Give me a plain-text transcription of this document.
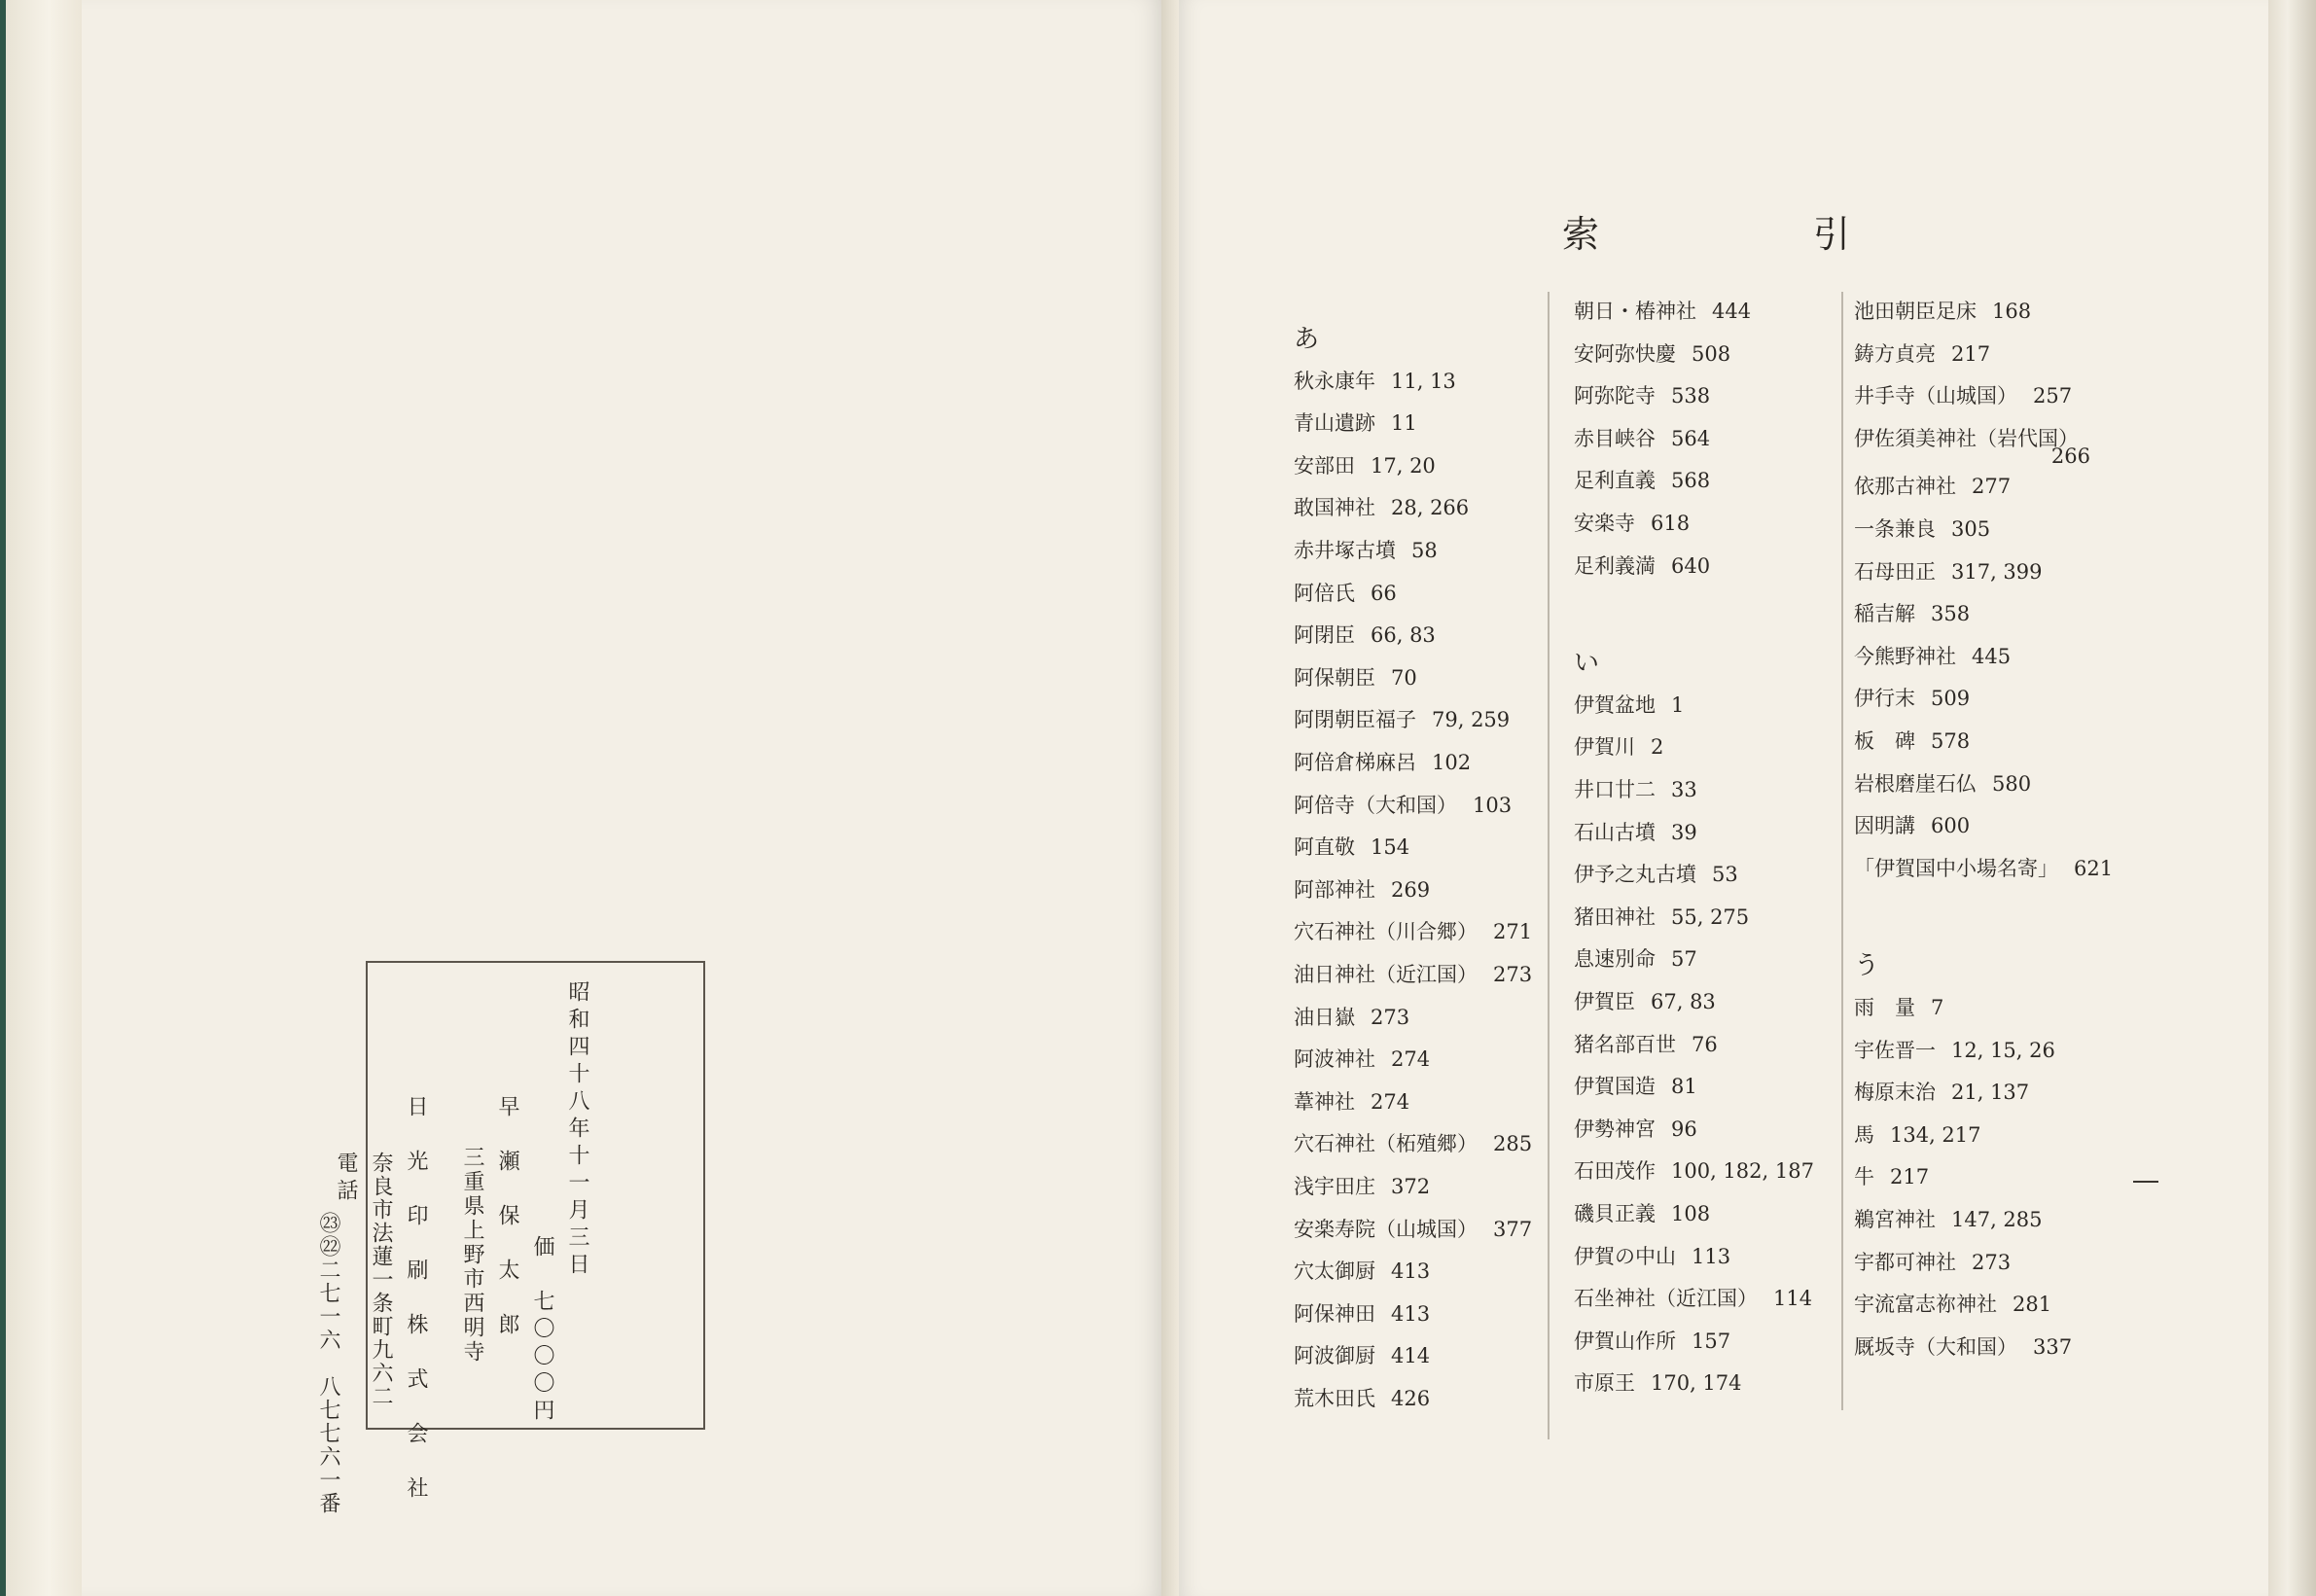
昭和四十八年十一月三日
価　七〇〇〇円
早　瀬　保　太　郎
三重県上野市西明寺
日　光　印　刷　株　式　会　社
奈良市法蓮一条町九六二
電話
㉓㉒二七一六　八七七六一番
索	引
あ
秋永康年 11, 13
青山遺跡 11
安部田 17, 20
敢国神社 28, 266
赤井塚古墳 58
阿倍氏 66
阿閉臣 66, 83
阿保朝臣 70
阿閉朝臣福子 79, 259
阿倍倉梯麻呂 102
阿倍寺（大和国） 103
阿直敬 154
阿部神社 269
穴石神社（川合郷） 271
油日神社（近江国） 273
油日嶽 273
阿波神社 274
葦神社 274
穴石神社（柘殖郷） 285
浅宇田庄 372
安楽寿院（山城国） 377
穴太御厨 413
阿保神田 413
阿波御厨 414
荒木田氏 426
朝日・椿神社 444
安阿弥快慶 508
阿弥陀寺 538
赤目峡谷 564
足利直義 568
安楽寺 618
足利義満 640
い
伊賀盆地 1
伊賀川 2
井口廿二 33
石山古墳 39
伊予之丸古墳 53
猪田神社 55, 275
息速別命 57
伊賀臣 67, 83
猪名部百世 76
伊賀国造 81
伊勢神宮 96
石田茂作 100, 182, 187
磯貝正義 108
伊賀の中山 113
石坐神社（近江国） 114
伊賀山作所 157
市原王 170, 174
池田朝臣足床 168
鋳方貞亮 217
井手寺（山城国） 257
伊佐須美神社（岩代国）
266
依那古神社 277
一条兼良 305
石母田正 317, 399
稲吉解 358
今熊野神社 445
伊行末 509
板　碑 578
岩根磨崖石仏 580
因明講 600
「伊賀国中小場名寄」 621
う
雨　量 7
宇佐晋一 12, 15, 26
梅原末治 21, 137
馬 134, 217
牛 217
鵜宮神社 147, 285
宇都可神社 273
宇流富志祢神社 281
厩坂寺（大和国） 337
